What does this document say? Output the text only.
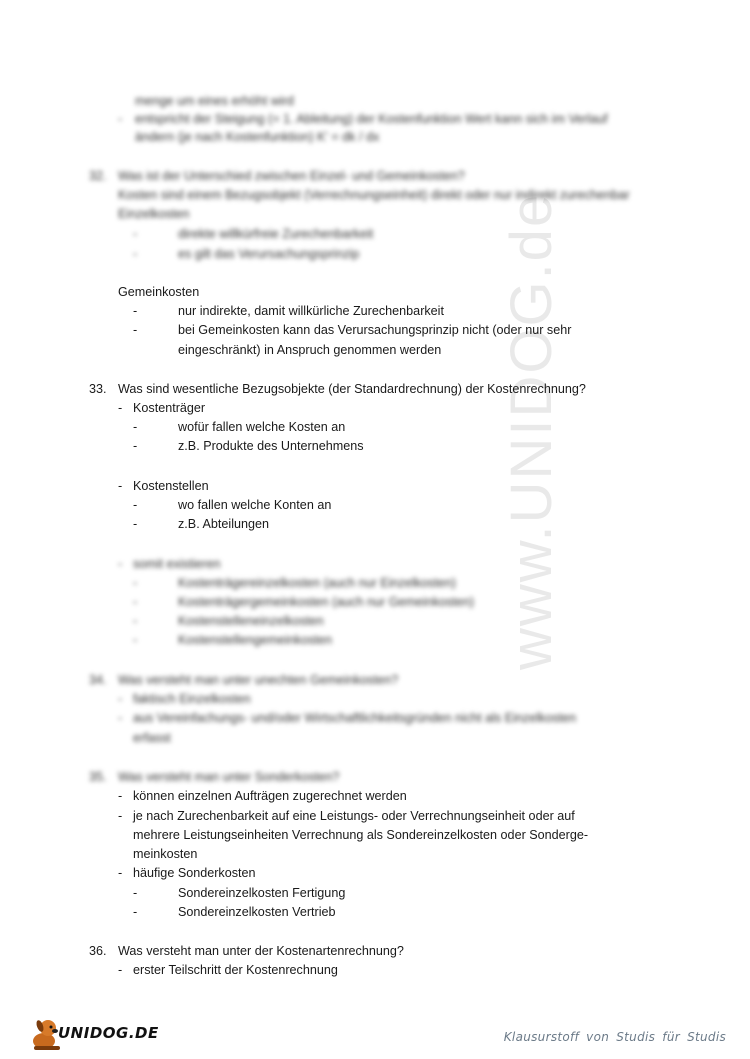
www.UNIDOG.de
menge um eines erhöht wird
- entspricht der Steigung (= 1. Ableitung) der Kostenfunktion Wert kann sich im Verlauf
ändern (je nach Kostenfunktion) K' = dk / dx
32. Was ist der Unterschied zwischen Einzel- und Gemeinkosten?
Kosten sind einem Bezugsobjekt (Verrechnungseinheit) direkt oder nur indirekt zurechenbar
Einzelkosten
-	direkte willkürfreie Zurechenbarkeit
-	es gilt das Verursachungsprinzip
Gemeinkosten
-	nur indirekte, damit willkürliche Zurechenbarkeit
-	bei Gemeinkosten kann das Verursachungsprinzip nicht (oder nur sehr
eingeschränkt) in Anspruch genommen werden
33. Was sind wesentliche Bezugsobjekte (der Standardrechnung) der Kostenrechnung?
- Kostenträger
-	wofür fallen welche Kosten an
-	z.B. Produkte des Unternehmens
- Kostenstellen
-	wo fallen welche Konten an
-	z.B. Abteilungen
- somit existieren
-	Kostenträgereinzelkosten (auch nur Einzelkosten)
-	Kostenträgergemeinkosten (auch nur Gemeinkosten)
-	Kostenstelleneinzelkosten
-	Kostenstellengemeinkosten
34. Was versteht man unter unechten Gemeinkosten?
- faktisch Einzelkosten
- aus Vereinfachungs- und/oder Wirtschaftlichkeitsgründen nicht als Einzelkosten
erfasst
35. Was versteht man unter Sonderkosten?
- können einzelnen Aufträgen zugerechnet werden
- je nach Zurechenbarkeit auf eine Leistungs- oder Verrechnungseinheit oder auf
mehrere Leistungseinheiten Verrechnung als Sondereinzelkosten oder Sonderge-
meinkosten
- häufige Sonderkosten
-	Sondereinzelkosten Fertigung
-	Sondereinzelkosten Vertrieb
36. Was versteht man unter der Kostenartenrechnung?
- erster Teilschritt der Kostenrechnung
UNIDOG.DE	Klausurstoff von Studis für Studis
